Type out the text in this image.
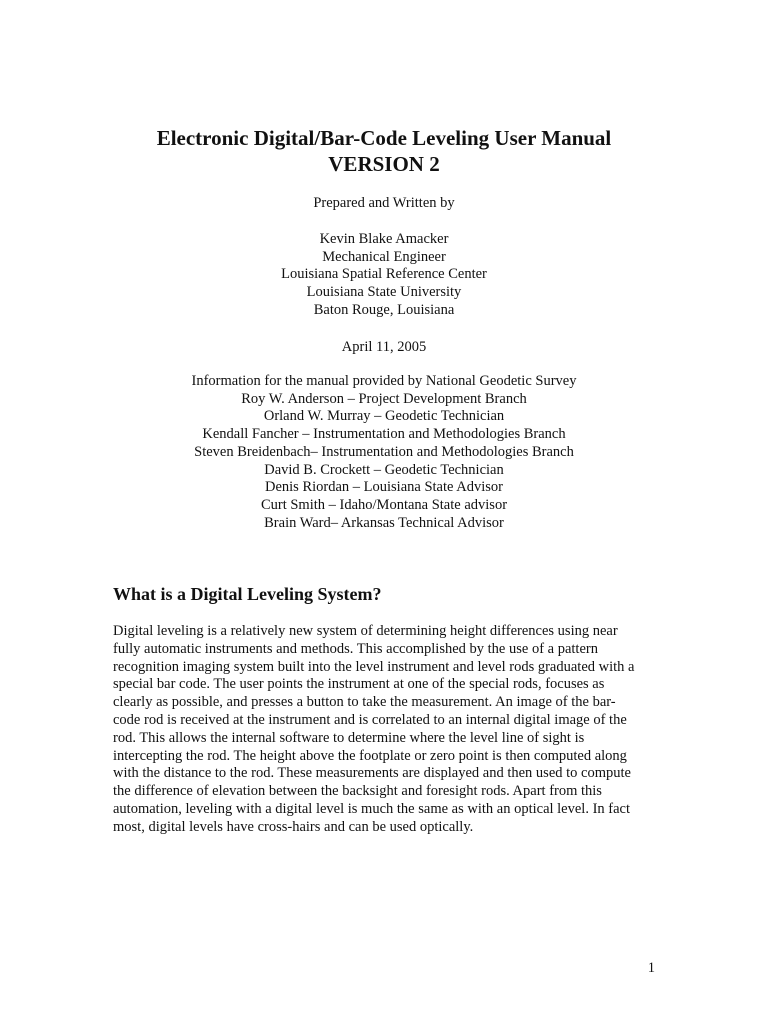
Electronic Digital/Bar-Code Leveling User Manual
VERSION 2
Prepared and Written by
Kevin Blake Amacker
Mechanical Engineer
Louisiana Spatial Reference Center
Louisiana State University
Baton Rouge, Louisiana
April 11, 2005
Information for the manual provided by National Geodetic Survey
Roy W. Anderson – Project Development Branch
Orland W. Murray – Geodetic Technician
Kendall Fancher – Instrumentation and Methodologies Branch
Steven Breidenbach– Instrumentation and Methodologies Branch
David B. Crockett – Geodetic Technician
Denis Riordan – Louisiana State Advisor
Curt Smith – Idaho/Montana State advisor
Brain Ward– Arkansas Technical Advisor
What is a Digital Leveling System?
Digital leveling is a relatively new system of determining height differences using near
fully automatic instruments and methods. This accomplished by the use of a pattern
recognition imaging system built into the level instrument and level rods graduated with a
special bar code. The user points the instrument at one of the special rods, focuses as
clearly as possible, and presses a button to take the measurement. An image of the bar-
code rod is received at the instrument and is correlated to an internal digital image of the
rod. This allows the internal software to determine where the level line of sight is
intercepting the rod. The height above the footplate or zero point is then computed along
with the distance to the rod. These measurements are displayed and then used to compute
the difference of elevation between the backsight and foresight rods. Apart from this
automation, leveling with a digital level is much the same as with an optical level. In fact
most, digital levels have cross-hairs and can be used optically.
1
